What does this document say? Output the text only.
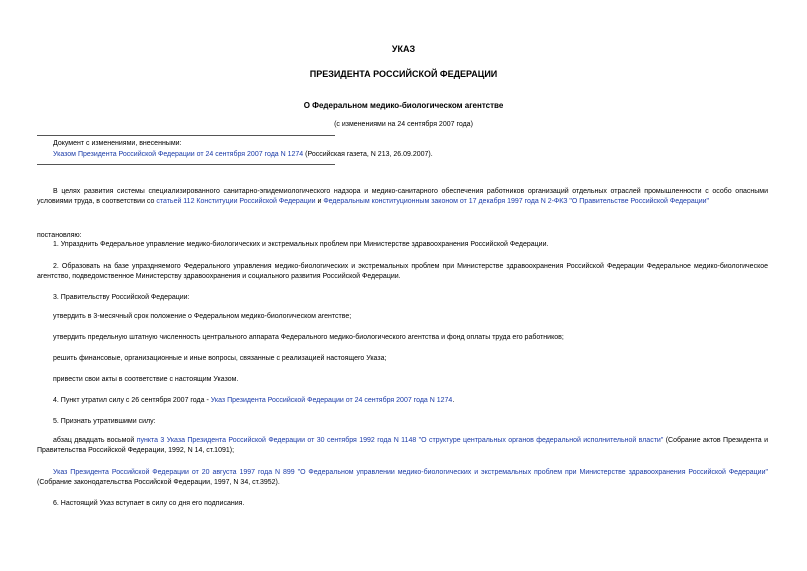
УКАЗ
ПРЕЗИДЕНТА РОССИЙСКОЙ ФЕДЕРАЦИИ
О Федеральном медико-биологическом агентстве
(с изменениями на 24 сентября 2007 года)
Документ с изменениями, внесенными:
Указом Президента Российской Федерации от 24 сентября 2007 года N 1274 (Российская газета, N 213, 26.09.2007).
В целях развития системы специализированного санитарно-эпидемиологического надзора и медико-санитарного обеспечения работников организаций отдельных отраслей промышленности с особо опасными условиями труда, в соответствии со статьей 112 Конституции Российской Федерации и Федеральным конституционным законом от 17 декабря 1997 года N 2-ФКЗ "О Правительстве Российской Федерации"
постановляю:
1. Упразднить Федеральное управление медико-биологических и экстремальных проблем при Министерстве здравоохранения Российской Федерации.
2. Образовать на базе упраздняемого Федерального управления медико-биологических и экстремальных проблем при Министерстве здравоохранения Российской Федерации Федеральное медико-биологическое агентство, подведомственное Министерству здравоохранения и социального развития Российской Федерации.
3. Правительству Российской Федерации:
утвердить в 3-месячный срок положение о Федеральном медико-биологическом агентстве;
утвердить предельную штатную численность центрального аппарата Федерального медико-биологического агентства и фонд оплаты труда его работников;
решить финансовые, организационные и иные вопросы, связанные с реализацией настоящего Указа;
привести свои акты в соответствие с настоящим Указом.
4. Пункт утратил силу с 26 сентября 2007 года - Указ Президента Российской Федерации от 24 сентября 2007 года N 1274.
5. Признать утратившими силу:
абзац двадцать восьмой пункта 3 Указа Президента Российской Федерации от 30 сентября 1992 года N 1148 "О структуре центральных органов федеральной исполнительной власти" (Собрание актов Президента и Правительства Российской Федерации, 1992, N 14, ст.1091);
Указ Президента Российской Федерации от 20 августа 1997 года N 899 "О Федеральном управлении медико-биологических и экстремальных проблем при Министерстве здравоохранения Российской Федерации" (Собрание законодательства Российской Федерации, 1997, N 34, ст.3952).
6. Настоящий Указ вступает в силу со дня его подписания.
